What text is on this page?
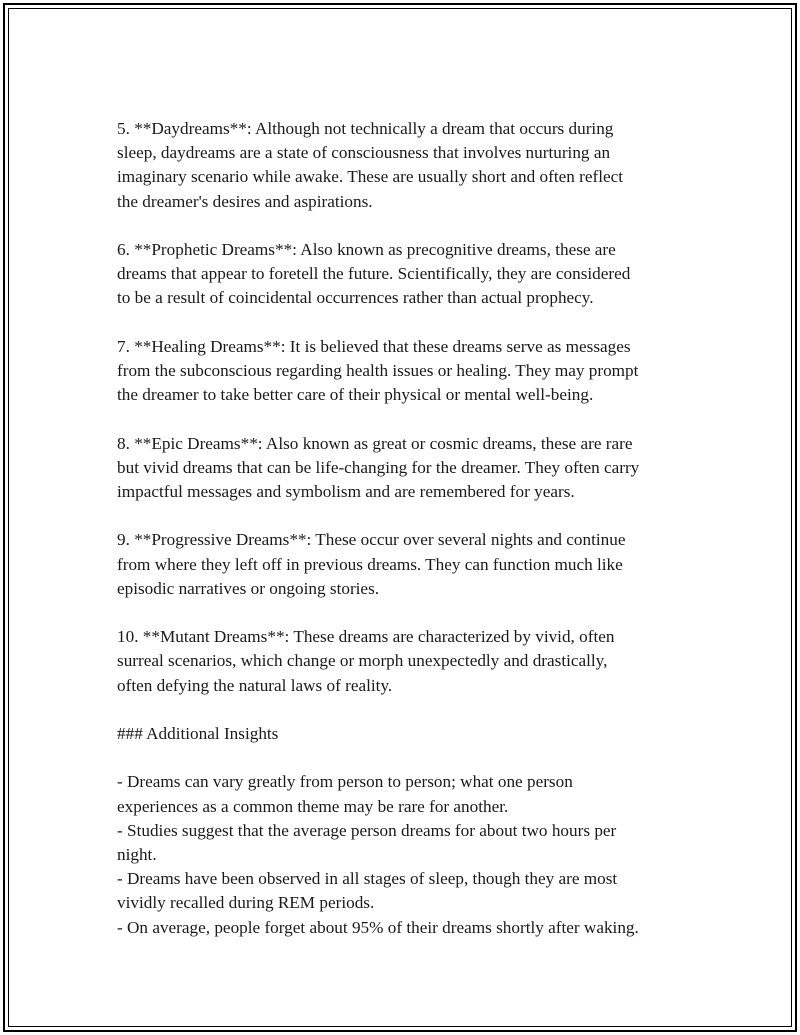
5. **Daydreams**: Although not technically a dream that occurs during
sleep, daydreams are a state of consciousness that involves nurturing an
imaginary scenario while awake. These are usually short and often reflect
the dreamer's desires and aspirations.

6. **Prophetic Dreams**: Also known as precognitive dreams, these are
dreams that appear to foretell the future. Scientifically, they are considered
to be a result of coincidental occurrences rather than actual prophecy.

7. **Healing Dreams**: It is believed that these dreams serve as messages
from the subconscious regarding health issues or healing. They may prompt
the dreamer to take better care of their physical or mental well-being.

8. **Epic Dreams**: Also known as great or cosmic dreams, these are rare
but vivid dreams that can be life-changing for the dreamer. They often carry
impactful messages and symbolism and are remembered for years.

9. **Progressive Dreams**: These occur over several nights and continue
from where they left off in previous dreams. They can function much like
episodic narratives or ongoing stories.

10. **Mutant Dreams**: These dreams are characterized by vivid, often
surreal scenarios, which change or morph unexpectedly and drastically,
often defying the natural laws of reality.

### Additional Insights

- Dreams can vary greatly from person to person; what one person
experiences as a common theme may be rare for another.

- Studies suggest that the average person dreams for about two hours per
night.

- Dreams have been observed in all stages of sleep, though they are most
vividly recalled during REM periods.

- On average, people forget about 95% of their dreams shortly after waking.
